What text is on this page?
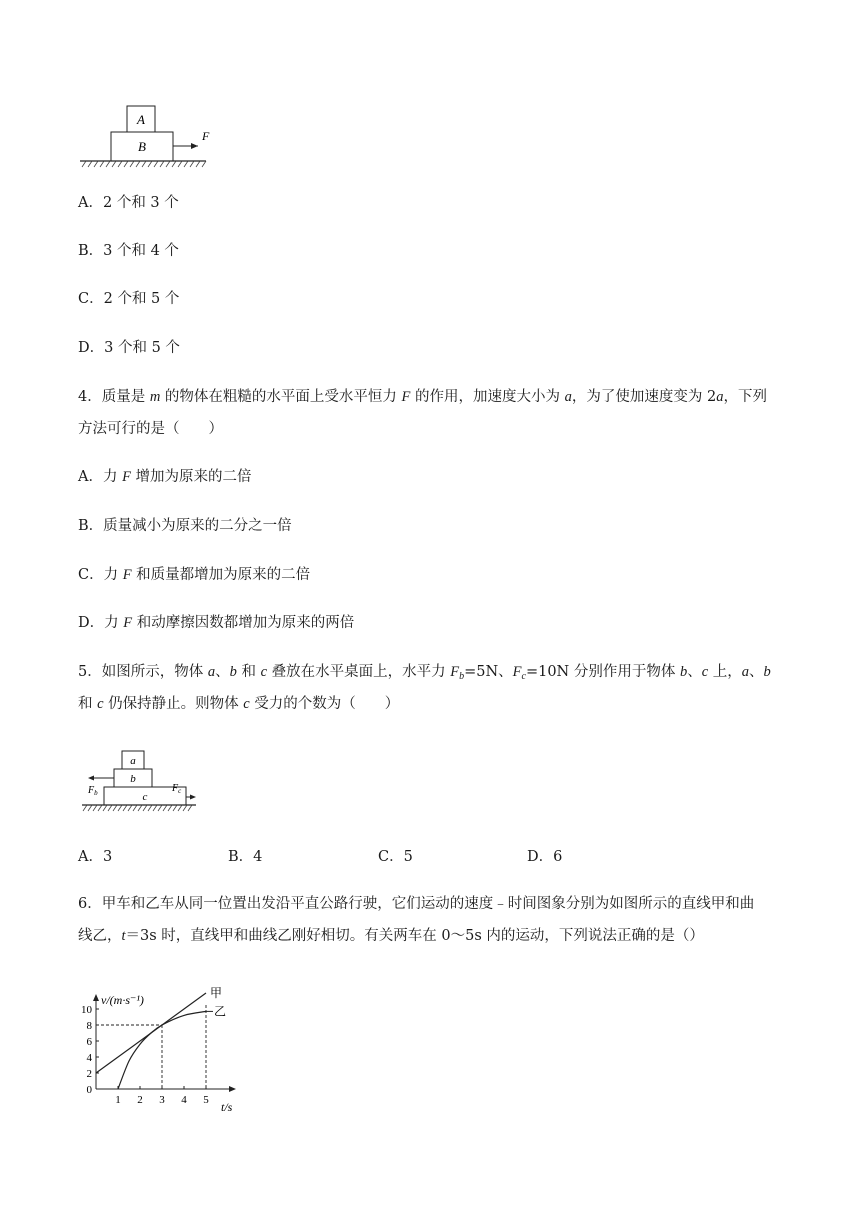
A
B
F
A．2 个和 3 个
B．3 个和 4 个
C．2 个和 5 个
D．3 个和 5 个
4．质量是 m 的物体在粗糙的水平面上受水平恒力 F 的作用，加速度大小为 a，为了使加速度变为 2a，下列
方法可行的是（　　）
A．力 F 增加为原来的二倍
B．质量减小为原来的二分之一倍
C．力 F 和质量都增加为原来的二倍
D．力 F 和动摩擦因数都增加为原来的两倍
5．如图所示，物体 a、b 和 c 叠放在水平桌面上，水平力 $F_b=5N$、$F_c=10N$ 分别作用于物体 b、c 上，a、b
和 c 仍保持静止。则物体 c 受力的个数为（　　）
a
b
c
$F_b$	$F_c$
A．3	B．4	C．5	D．6
6．甲车和乙车从同一位置出发沿平直公路行驶，它们运动的速度﹣时间图象分别为如图所示的直线甲和曲
线乙，t＝3s 时，直线甲和曲线乙刚好相切。有关两车在 0～5s 内的运动，下列说法正确的是（）
v/(m·s⁻¹)
t/s
1 2 3 4 5
0
2
4
6
8
10
甲
乙
